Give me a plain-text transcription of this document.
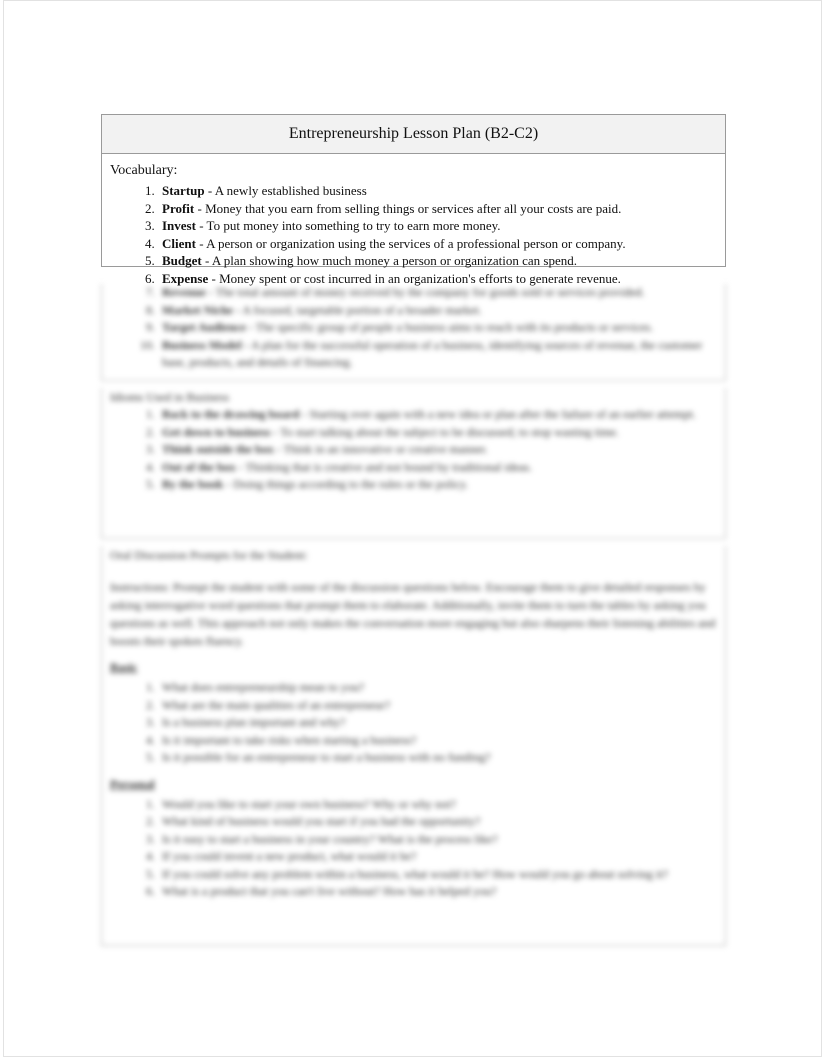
Entrepreneurship Lesson Plan (B2-C2)

Vocabulary:

1. Startup - A newly established business
2. Profit - Money that you earn from selling things or services after all your costs are paid.
3. Invest - To put money into something to try to earn more money.
4. Client - A person or organization using the services of a professional person or company.
5. Budget - A plan showing how much money a person or organization can spend.
6. Expense - Money spent or cost incurred in an organization's efforts to generate revenue.
7. Revenue - The total amount of money received by the company for goods sold or services provided.
8. Market Niche - A focused, targetable portion of a broader market.
9. Target Audience - The specific group of people a business aims to reach with its products or services.
10. Business Model - A plan for the successful operation of a business, identifying sources of revenue, the customer base, products, and details of financing.

Idioms Used in Business

1. Back to the drawing board - Starting over again with a new idea or plan after the failure of an earlier attempt.
2. Get down to business - To start talking about the subject to be discussed; to stop wasting time.
3. Think outside the box - Think in an innovative or creative manner.
4. Out of the box - Thinking that is creative and not bound by traditional ideas.
5. By the book - Doing things according to the rules or the policy.

Oral Discussion Prompts for the Student:

Instructions: Prompt the student with some of the discussion questions below. Encourage them to give detailed responses by asking interrogative word questions that prompt them to elaborate. Additionally, invite them to turn the tables by asking you questions as well. This approach not only makes the conversation more engaging but also sharpens their listening abilities and boosts their spoken fluency.

Basic

1. What does entrepreneurship mean to you?
2. What are the main qualities of an entrepreneur?
3. Is a business plan important and why?
4. Is it important to take risks when starting a business?
5. Is it possible for an entrepreneur to start a business with no funding?

Personal

1. Would you like to start your own business? Why or why not?
2. What kind of business would you start if you had the opportunity?
3. Is it easy to start a business in your country? What is the process like?
4. If you could invent a new product, what would it be?
5. If you could solve any problem within a business, what would it be? How would you go about solving it?
6. What is a product that you can't live without? How has it helped you?
